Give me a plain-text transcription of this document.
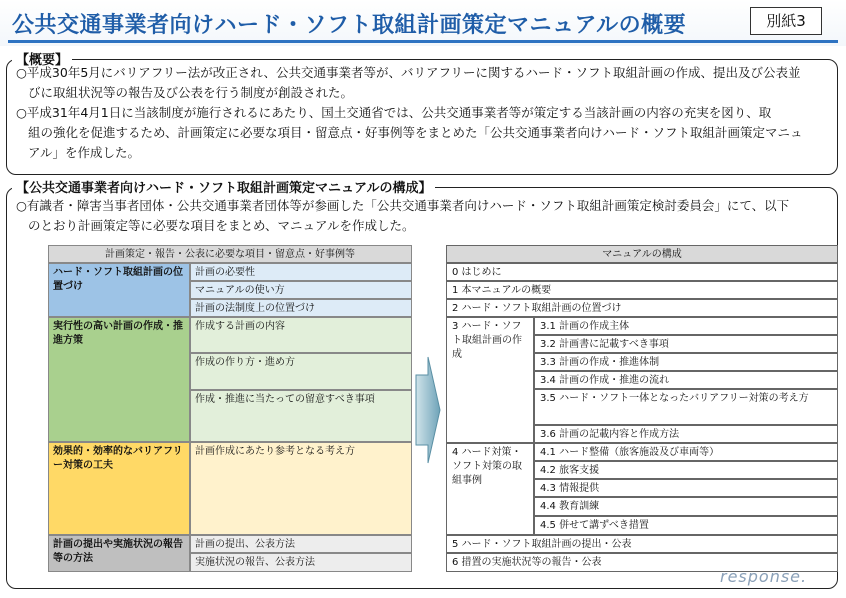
公共交通事業者向けハード・ソフト取組計画策定マニュアルの概要	別紙3
【概要】
○平成30年5月にバリアフリー法が改正され、公共交通事業者等が、バリアフリーに関するハード・ソフト取組計画の作成、提出及び公表並
びに取組状況等の報告及び公表を行う制度が創設された。
○平成31年4月1日に当該制度が施行されるにあたり、国土交通省では、公共交通事業者等が策定する当該計画の内容の充実を図り、取
組の強化を促進するため、計画策定に必要な項目・留意点・好事例等をまとめた「公共交通事業者向けハード・ソフト取組計画策定マニュ
アル」を作成した。
【公共交通事業者向けハード・ソフト取組計画策定マニュアルの構成】
○有識者・障害当事者団体・公共交通事業者団体等が参画した「公共交通事業者向けハード・ソフト取組計画策定検討委員会」にて、以下
のとおり計画策定等に必要な項目をまとめ、マニュアルを作成した。
計画策定・報告・公表に必要な項目・留意点・好事例等
ハード・ソフト取組計画の位置づけ
計画の必要性
マニュアルの使い方
計画の法制度上の位置づけ
実行性の高い計画の作成・推進方策
作成する計画の内容
作成の作り方・進め方
作成・推進に当たっての留意すべき事項
効果的・効率的なバリアフリー対策の工夫
計画作成にあたり参考となる考え方
計画の提出や実施状況の報告等の方法
計画の提出、公表方法
実施状況の報告、公表方法
マニュアルの構成
0 はじめに
1 本マニュアルの概要
2 ハード・ソフト取組計画の位置づけ
3 ハード・ソフト取組計画の作成
3.1 計画の作成主体
3.2 計画書に記載すべき事項
3.3 計画の作成・推進体制
3.4 計画の作成・推進の流れ
3.5 ハード・ソフト一体となったバリアフリー対策の考え方
3.6 計画の記載内容と作成方法
4 ハード対策・ソフト対策の取組事例
4.1 ハード整備（旅客施設及び車両等）
4.2 旅客支援
4.3 情報提供
4.4 教育訓練
4.5 併せて講ずべき措置
5 ハード・ソフト取組計画の提出・公表
6 措置の実施状況等の報告・公表
response.
